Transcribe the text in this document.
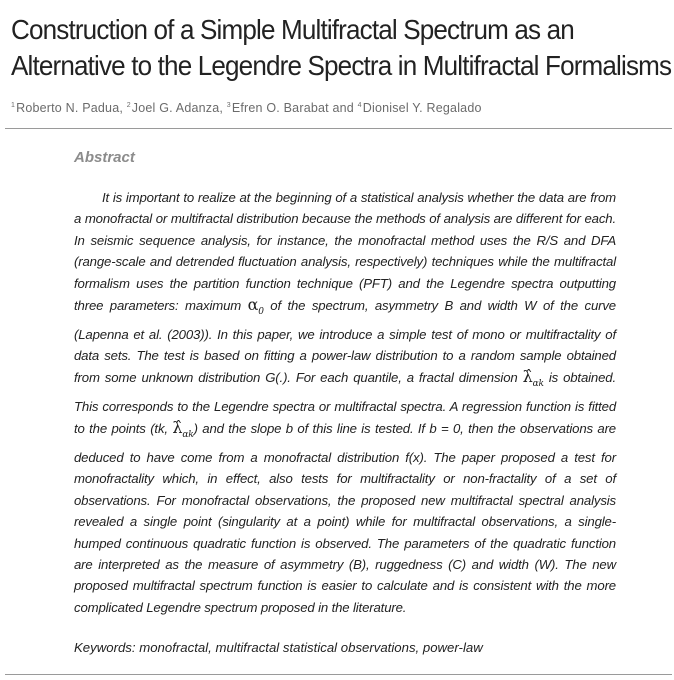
Construction of a Simple Multifractal Spectrum as an
Alternative to the Legendre Spectra in Multifractal Formalisms
$^1$Roberto N. Padua, $^2$Joel G. Adanza, $^3$Efren O. Barabat and $^4$Dionisel Y. Regalado
Abstract

It is important to realize at the beginning of a statistical analysis whether the data are from a monofractal or multifractal distribution because the methods of analysis are different for each. In seismic sequence analysis, for instance, the monofractal method uses the R/S and DFA (range-scale and detrended fluctuation analysis, respectively) techniques while the multifractal formalism uses the partition function technique (PFT) and the Legendre spectra outputting three parameters: maximum $\alpha_0$ of the spectrum, asymmetry B and width W of the curve (Lapenna et al. (2003)). In this paper, we introduce a simple test of mono or multifractality of data sets. The test is based on fitting a power-law distribution to a random sample obtained from some unknown distribution G(.). For each quantile, a fractal dimension $\lambdâ_{\alpha k}$ is obtained. This corresponds to the Legendre spectra or multifractal spectra. A regression function is fitted to the points (tk, $\lambdâ_{\alpha k}$) and the slope b of this line is tested. If b = 0, then the observations are deduced to have come from a monofractal distribution f(x). The paper proposed a test for monofractality which, in effect, also tests for multifractality or non-fractality of a set of observations. For monofractal observations, the proposed new multifractal spectral analysis revealed a single point (singularity at a point) while for multifractal observations, a single-humped continuous quadratic function is observed. The parameters of the quadratic function are interpreted as the measure of asymmetry (B), ruggedness (C) and width (W). The new proposed multifractal spectrum function is easier to calculate and is consistent with the more complicated Legendre spectrum proposed in the literature.

Keywords: monofractal, multifractal statistical observations, power-law
